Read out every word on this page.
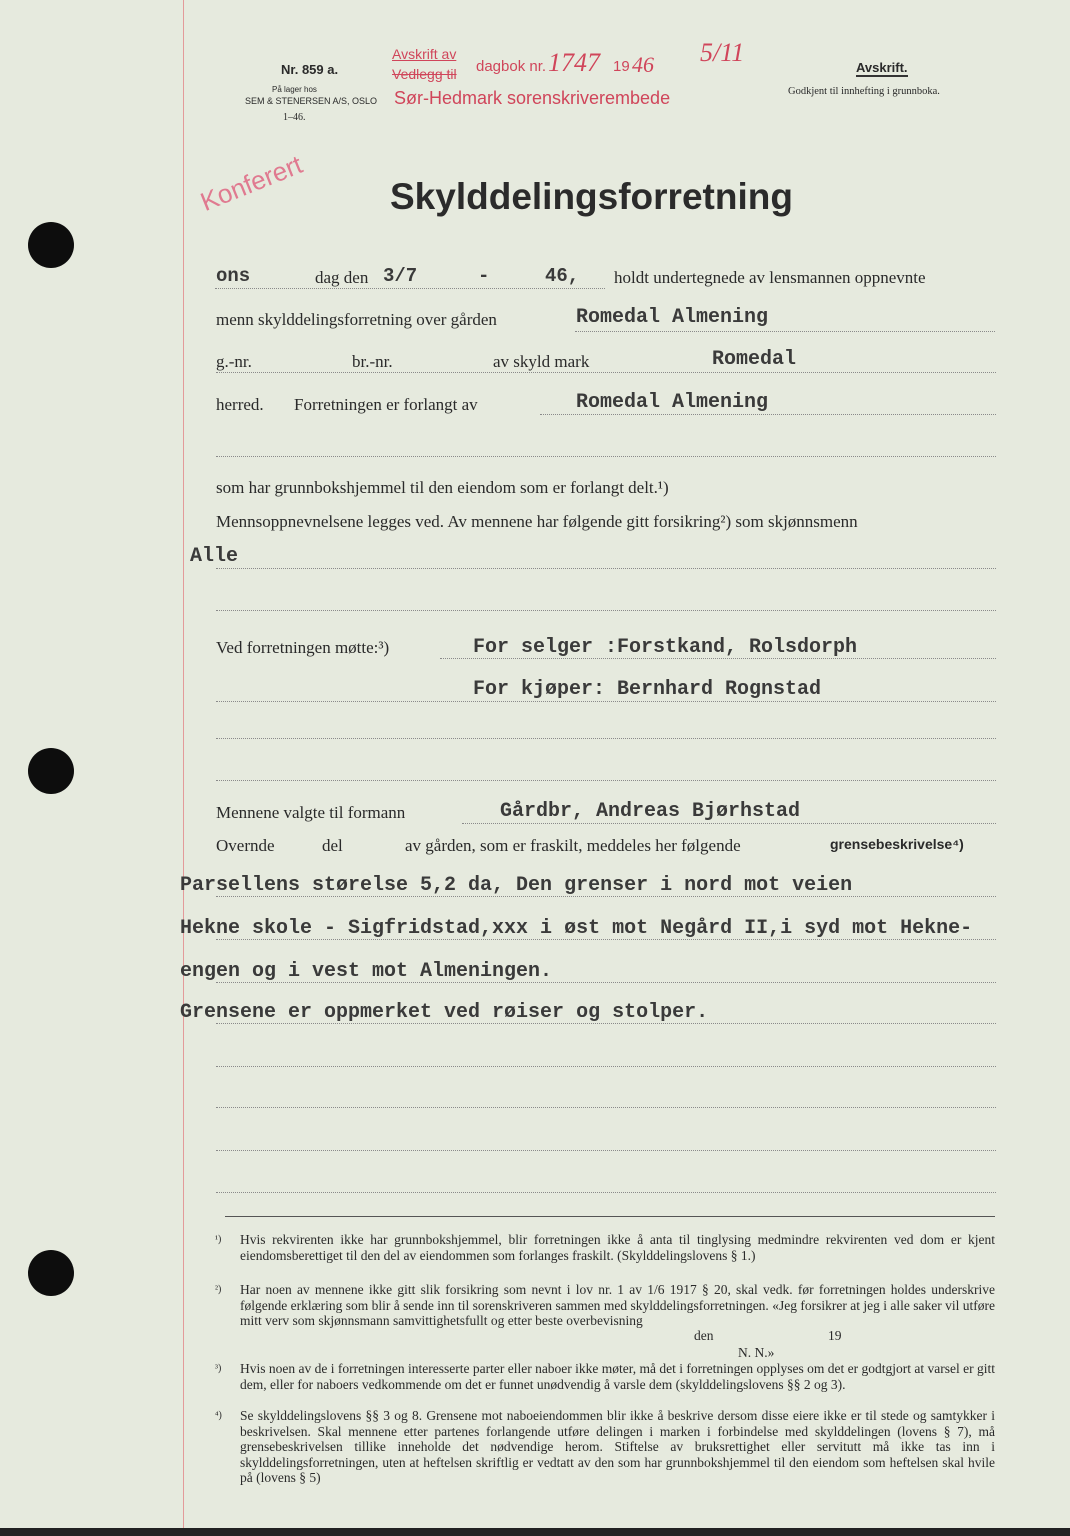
Nr. 859 a.
På lager hos
SEM & STENERSEN A/S, OSLO
1–46.
Avskrift av
Vedlegg til dagbok nr. 1747 19 46 5/11
Sør-Hedmark sorenskriverembede
Avskrift.
Godkjent til innhefting i grunnboka.
Konferert Skylddelingsforretning
ons	dag den 3/7	-	46, holdt undertegnede av lensmannen oppnevnte
menn skylddelingsforretning over gården	Romedal Almening
g.-nr.	br.-nr.	av skyld mark	Romedal
herred. Forretningen er forlangt av	Romedal Almening
som har grunnbokshjemmel til den eiendom som er forlangt delt.¹)
Mennsoppnevnelsene legges ved. Av mennene har følgende gitt forsikring²) som skjønnsmenn
Alle
Ved forretningen møtte:³)	For selger :Forstkand, Rolsdorph
For kjøper: Bernhard Rognstad
Mennene valgte til formann	Gårdbr, Andreas Bjørhstad
Overnde	del	av gården, som er fraskilt, meddeles her følgende	grensebeskrivelse⁴)
Parsellens størelse 5,2 da, Den grenser i nord mot veien
Hekne skole - Sigfridstad,xxx i øst mot Negård II,i syd mot Hekne-
engen og i vest mot Almeningen.
Grensene er oppmerket ved røiser og stolper.
¹) Hvis rekvirenten ikke har grunnbokshjemmel, blir forretningen ikke å anta til tinglysing medmindre rekvirenten ved dom er kjent eiendomsberettiget til den del av eiendommen som forlanges fraskilt. (Skylddelingslovens § 1.)
²) Har noen av mennene ikke gitt slik forsikring som nevnt i lov nr. 1 av 1/6 1917 § 20, skal vedk. før forretningen holdes underskrive følgende erklæring som blir å sende inn til sorenskriveren sammen med skylddelingsforretningen. «Jeg forsikrer at jeg i alle saker vil utføre mitt verv som skjønnsmann samvittighetsfullt og etter beste overbevisning
den	19
N. N.»
³) Hvis noen av de i forretningen interesserte parter eller naboer ikke møter, må det i forretningen opplyses om det er godtgjort at varsel er gitt dem, eller for naboers vedkommende om det er funnet unødvendig å varsle dem (skylddelingslovens §§ 2 og 3).
⁴) Se skylddelingslovens §§ 3 og 8. Grensene mot naboeiendommen blir ikke å beskrive dersom disse eiere ikke er til stede og samtykker i beskrivelsen. Skal mennene etter partenes forlangende utføre delingen i marken i forbindelse med skylddelingen (lovens § 7), må grensebeskrivelsen tillike inneholde det nødvendige herom. Stiftelse av bruksrettighet eller servitutt må ikke tas inn i skylddelingsforretningen, uten at heftelsen skriftlig er vedtatt av den som har grunnbokshjemmel til den eiendom som heftelsen skal hvile på (lovens § 5)
